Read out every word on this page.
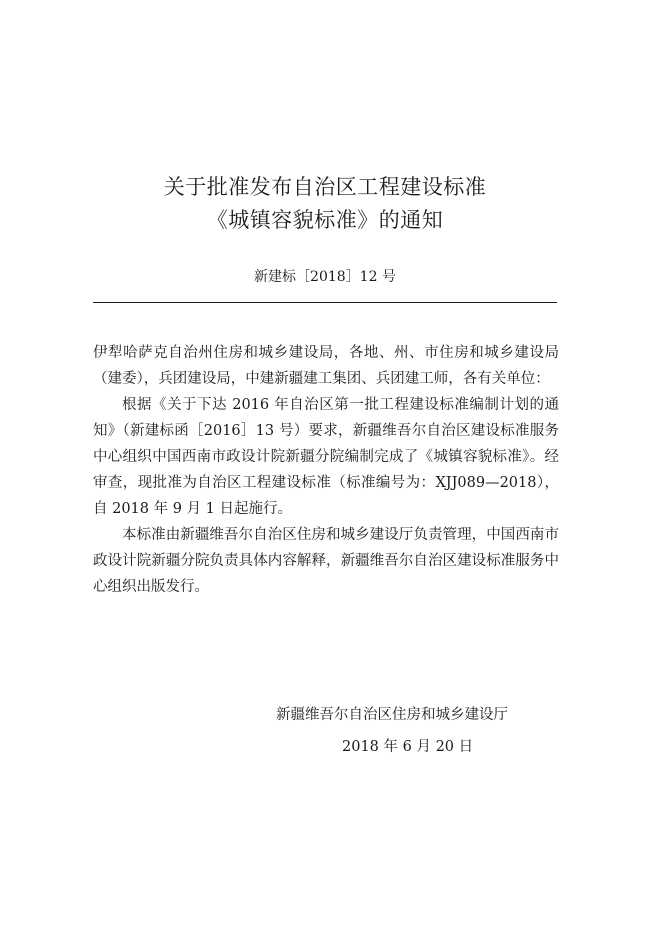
关于批准发布自治区工程建设标准
《城镇容貌标准》的通知
新建标［2018］12 号

伊犁哈萨克自治州住房和城乡建设局，各地、州、市住房和城乡建设局（建委），兵团建设局，中建新疆建工集团、兵团建工师，各有关单位：

根据《关于下达 2016 年自治区第一批工程建设标准编制计划的通知》（新建标函［2016］13 号）要求，新疆维吾尔自治区建设标准服务中心组织中国西南市政设计院新疆分院编制完成了《城镇容貌标准》。经审查，现批准为自治区工程建设标准（标准编号为：XJJ089—2018），自 2018 年 9 月 1 日起施行。

本标准由新疆维吾尔自治区住房和城乡建设厅负责管理，中国西南市政设计院新疆分院负责具体内容解释，新疆维吾尔自治区建设标准服务中心组织出版发行。

新疆维吾尔自治区住房和城乡建设厅
2018 年 6 月 20 日
